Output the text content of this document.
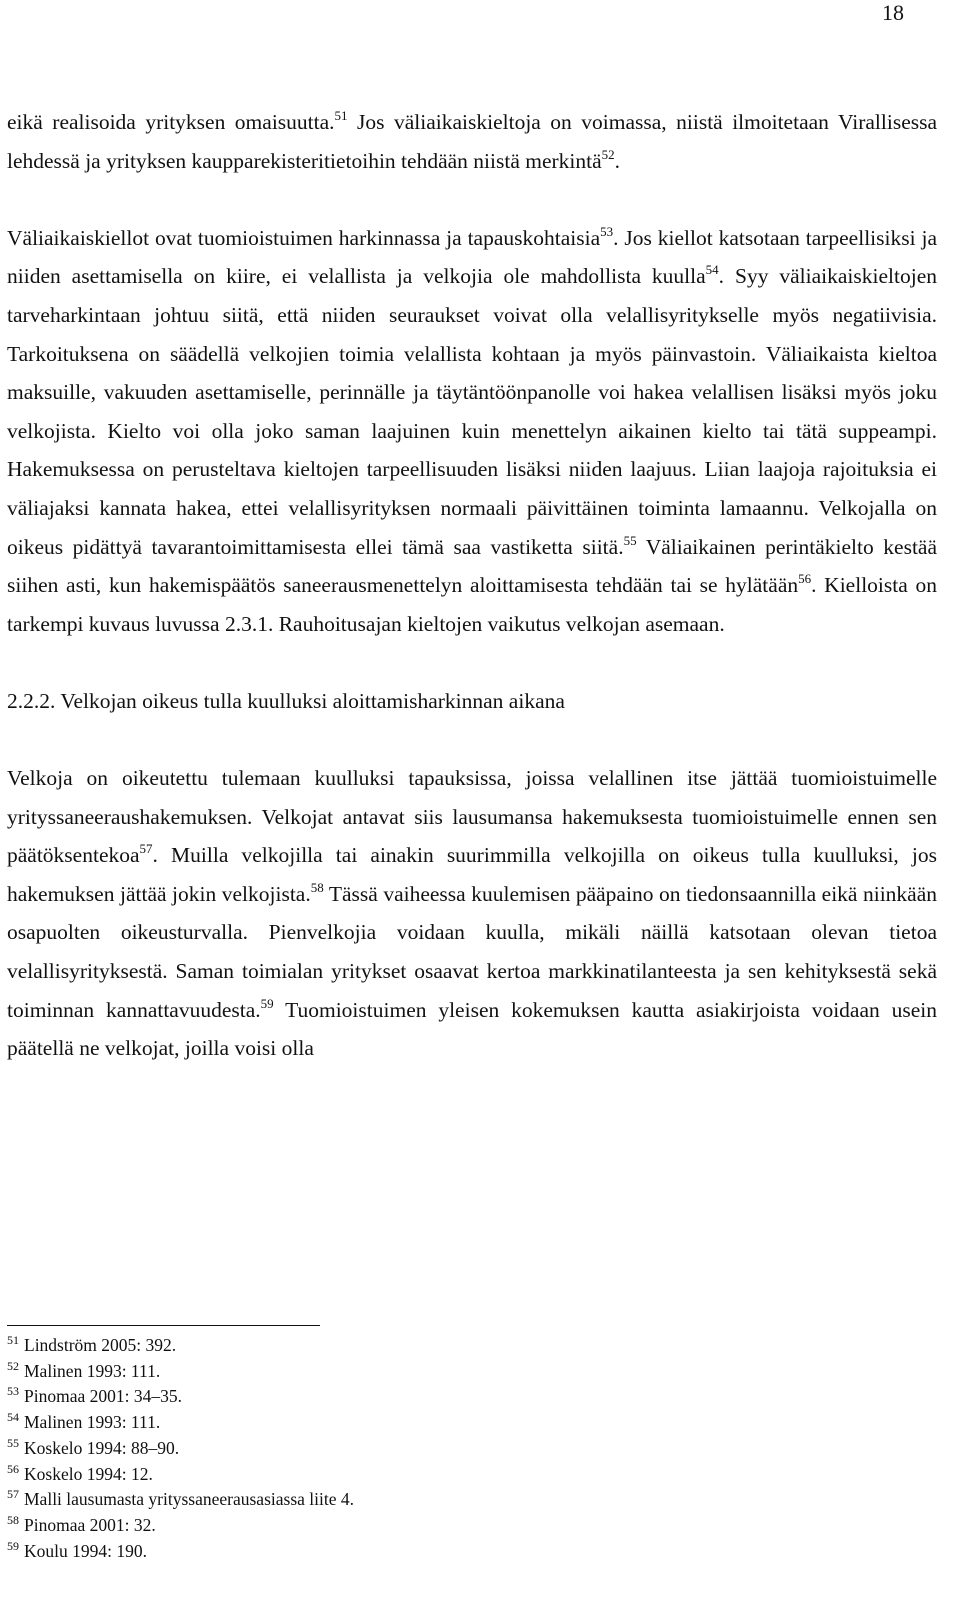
18

eikä realisoida yrityksen omaisuutta.$^{51}$ Jos väliaikaiskieltoja on voimassa, niistä ilmoitetaan Virallisessa lehdessä ja yrityksen kaupparekisteritietoihin tehdään niistä merkintä$^{52}$.

Väliaikaiskiellot ovat tuomioistuimen harkinnassa ja tapauskohtaisia$^{53}$. Jos kiellot katsotaan tarpeellisiksi ja niiden asettamisella on kiire, ei velallista ja velkojia ole mahdollista kuulla$^{54}$. Syy väliaikaiskieltojen tarveharkintaan johtuu siitä, että niiden seuraukset voivat olla velallisyritykselle myös negatiivisia. Tarkoituksena on säädellä velkojien toimia velallista kohtaan ja myös päinvastoin. Väliaikaista kieltoa maksuille, vakuuden asettamiselle, perinnälle ja täytäntöönpanolle voi hakea velallisen lisäksi myös joku velkojista. Kielto voi olla joko saman laajuinen kuin menettelyn aikainen kielto tai tätä suppeampi. Hakemuksessa on perusteltava kieltojen tarpeellisuuden lisäksi niiden laajuus. Liian laajoja rajoituksia ei väliajaksi kannata hakea, ettei velallisyrityksen normaali päivittäinen toiminta lamaannu. Velkojalla on oikeus pidättyä tavarantoimittamisesta ellei tämä saa vastiketta siitä.$^{55}$ Väliaikainen perintäkielto kestää siihen asti, kun hakemispäätös saneerausmenettelyn aloittamisesta tehdään tai se hylätään$^{56}$. Kielloista on tarkempi kuvaus luvussa 2.3.1. Rauhoitusajan kieltojen vaikutus velkojan asemaan.

2.2.2. Velkojan oikeus tulla kuulluksi aloittamisharkinnan aikana

Velkoja on oikeutettu tulemaan kuulluksi tapauksissa, joissa velallinen itse jättää tuomioistuimelle yrityssaneeraushakemuksen. Velkojat antavat siis lausumansa hakemuksesta tuomioistuimelle ennen sen päätöksentekoa$^{57}$. Muilla velkojilla tai ainakin suurimmilla velkojilla on oikeus tulla kuulluksi, jos hakemuksen jättää jokin velkojista.$^{58}$ Tässä vaiheessa kuulemisen pääpaino on tiedonsaannilla eikä niinkään osapuolten oikeusturvalla. Pienvelkojia voidaan kuulla, mikäli näillä katsotaan olevan tietoa velallisyrityksestä. Saman toimialan yritykset osaavat kertoa markkinatilanteesta ja sen kehityksestä sekä toiminnan kannattavuudesta.$^{59}$ Tuomioistuimen yleisen kokemuksen kautta asiakirjoista voidaan usein päätellä ne velkojat, joilla voisi olla

$^{51}$ Lindström 2005: 392.
$^{52}$ Malinen 1993: 111.
$^{53}$ Pinomaa 2001: 34–35.
$^{54}$ Malinen 1993: 111.
$^{55}$ Koskelo 1994: 88–90.
$^{56}$ Koskelo 1994: 12.
$^{57}$ Malli lausumasta yrityssaneerausasiassa liite 4.
$^{58}$ Pinomaa 2001: 32.
$^{59}$ Koulu 1994: 190.
